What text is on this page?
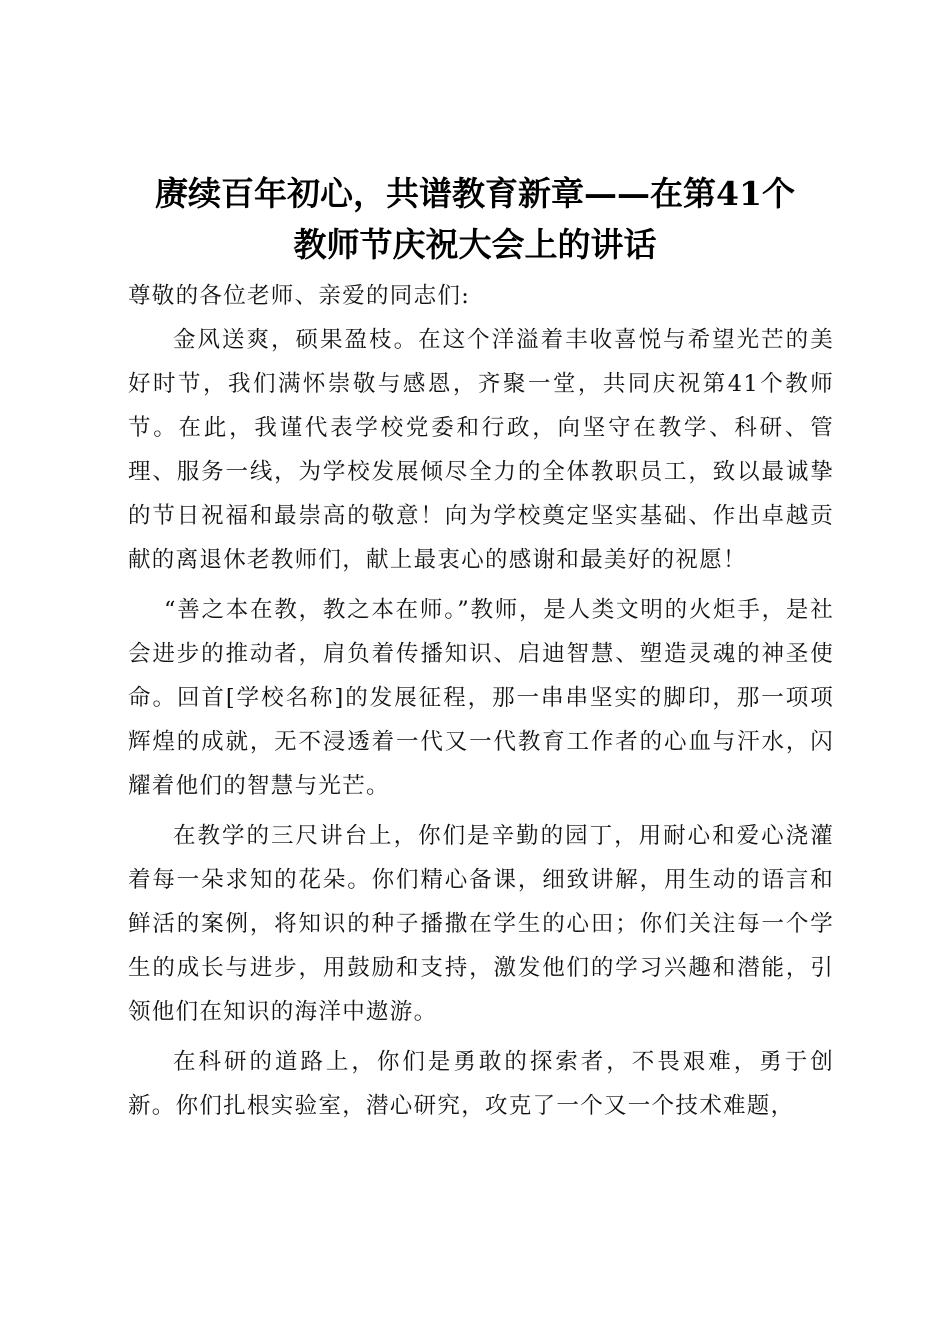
赓续百年初心，共谱教育新章——在第41个
教师节庆祝大会上的讲话

尊敬的各位老师、亲爱的同志们:

金风送爽，硕果盈枝。在这个洋溢着丰收喜悦与希望光芒的美好时节，我们满怀崇敬与感恩，齐聚一堂，共同庆祝第41个教师节。在此，我谨代表学校党委和行政，向坚守在教学、科研、管理、服务一线，为学校发展倾尽全力的全体教职员工，致以最诚挚的节日祝福和最崇高的敬意！向为学校奠定坚实基础、作出卓越贡献的离退休老教师们，献上最衷心的感谢和最美好的祝愿！

“善之本在教，教之本在师。”教师，是人类文明的火炬手，是社会进步的推动者，肩负着传播知识、启迪智慧、塑造灵魂的神圣使命。回首[学校名称]的发展征程，那一串串坚实的脚印，那一项项辉煌的成就，无不浸透着一代又一代教育工作者的心血与汗水，闪耀着他们的智慧与光芒。

在教学的三尺讲台上，你们是辛勤的园丁，用耐心和爱心浇灌着每一朵求知的花朵。你们精心备课，细致讲解，用生动的语言和鲜活的案例，将知识的种子播撒在学生的心田；你们关注每一个学生的成长与进步，用鼓励和支持，激发他们的学习兴趣和潜能，引领他们在知识的海洋中遨游。

在科研的道路上，你们是勇敢的探索者，不畏艰难，勇于创新。你们扎根实验室，潜心研究，攻克了一个又一个技术难题，
